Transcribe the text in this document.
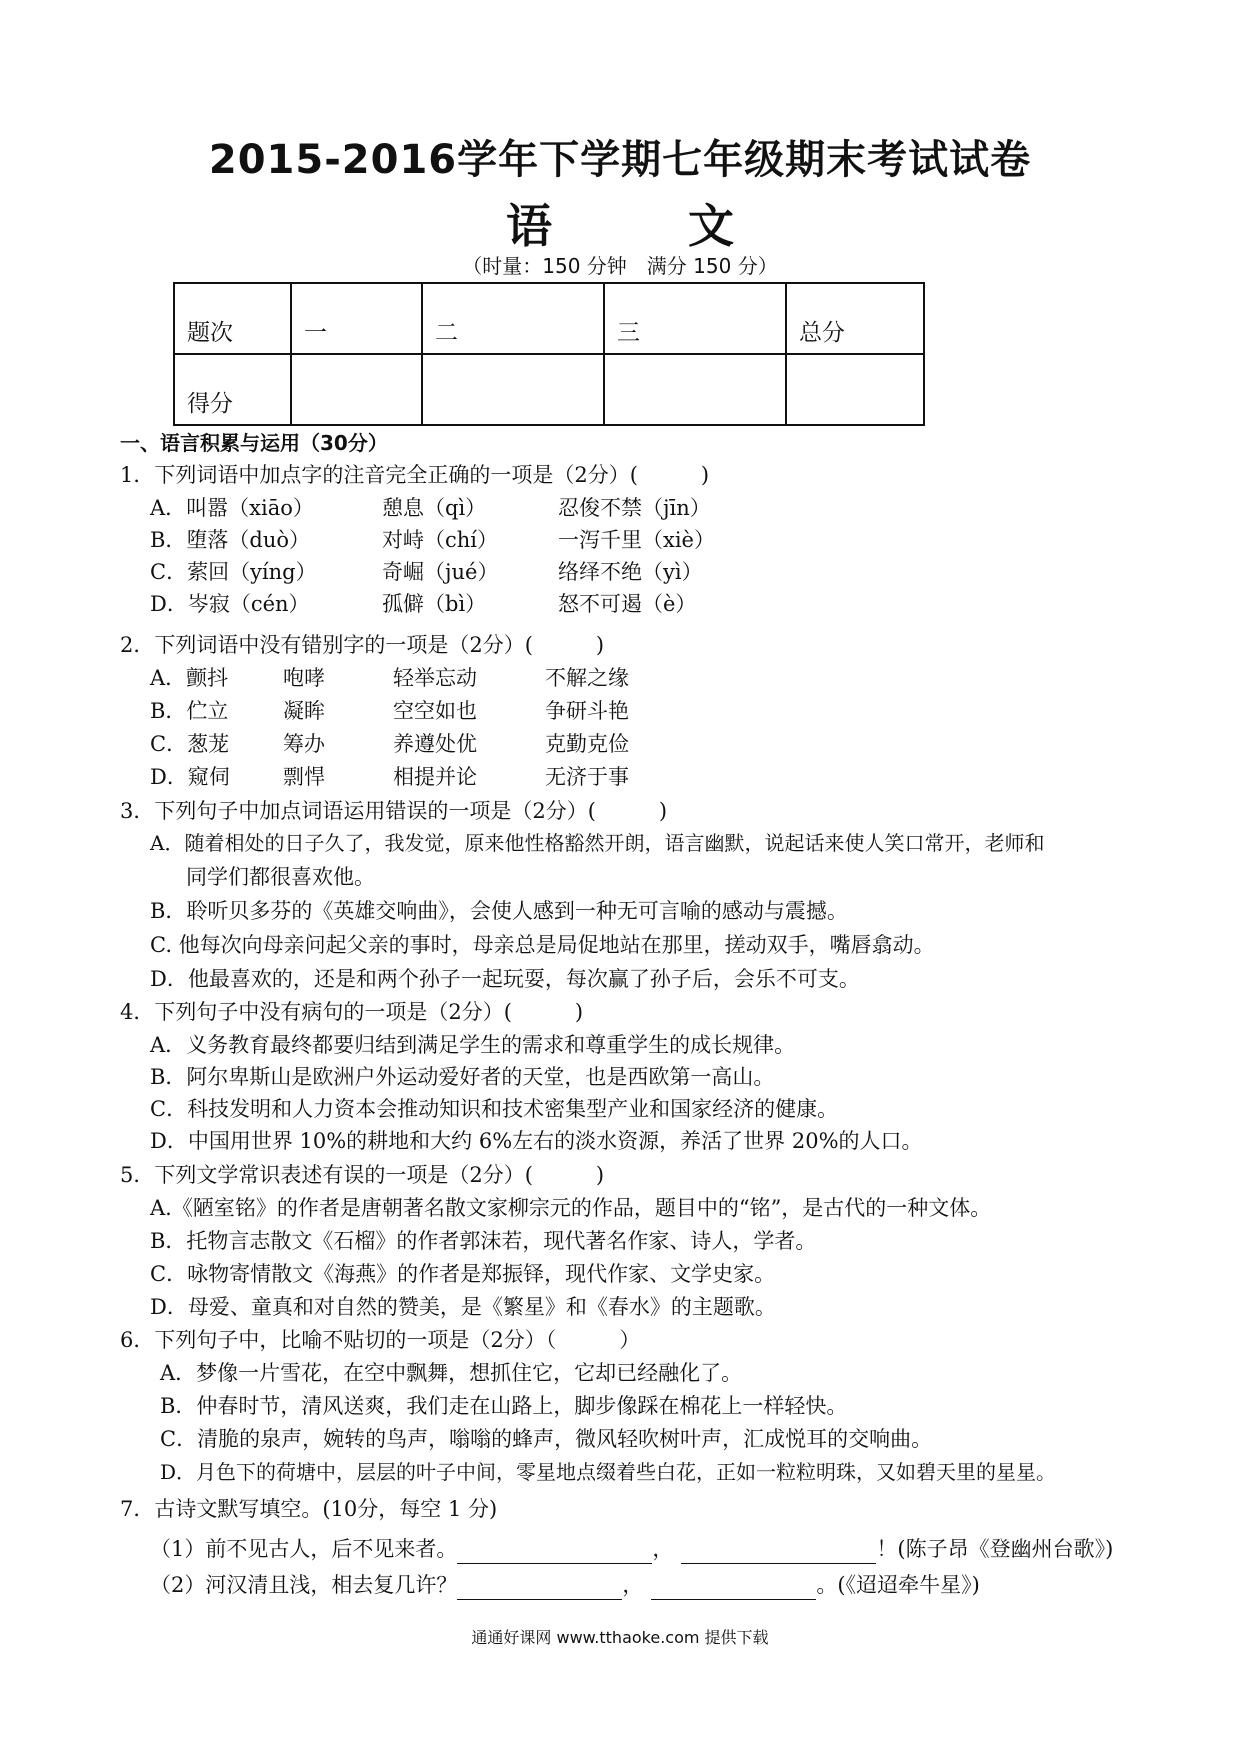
2015-2016学年下学期七年级期末考试试卷
语 文
（时量：150 分钟　满分 150 分）
题次	一	二	三	总分
得分				
一、语言积累与运用（30分）
1．下列词语中加点字的注音完全正确的一项是（2分）(　　　)
A．叫嚣（xiāo）	憩息（qì）	忍俊不禁（jīn）
B．堕落（duò）	对峙（chí）	一泻千里（xiè）
C．萦回（yíng）	奇崛（jué）	络绎不绝（yì）
D．岑寂（cén）	孤僻（bì）	怒不可遏（è）
2．下列词语中没有错别字的一项是（2分）(　　　)
A．颤抖	咆哮	轻举忘动	不解之缘
B．伫立	凝眸	空空如也	争研斗艳
C．葱茏	筹办	养遵处优	克勤克俭
D．窥伺	剽悍	相提并论	无济于事
3．下列句子中加点词语运用错误的一项是（2分）(　　　)
A．随着相处的日子久了，我发觉，原来他性格豁然开朗，语言幽默，说起话来使人笑口常开，老师和
同学们都很喜欢他。
B．聆听贝多芬的《英雄交响曲》，会使人感到一种无可言喻的感动与震撼。
C. 他每次向母亲问起父亲的事时，母亲总是局促地站在那里，搓动双手，嘴唇翕动。
D．他最喜欢的，还是和两个孙子一起玩耍，每次赢了孙子后，会乐不可支。
4．下列句子中没有病句的一项是（2分）(　　　)
A．义务教育最终都要归结到满足学生的需求和尊重学生的成长规律。
B．阿尔卑斯山是欧洲户外运动爱好者的天堂，也是西欧第一高山。
C．科技发明和人力资本会推动知识和技术密集型产业和国家经济的健康。
D．中国用世界 10%的耕地和大约 6%左右的淡水资源，养活了世界 20%的人口。
5．下列文学常识表述有误的一项是（2分）(　　　)
A.《陋室铭》的作者是唐朝著名散文家柳宗元的作品，题目中的“铭”，是古代的一种文体。
B．托物言志散文《石榴》的作者郭沫若，现代著名作家、诗人，学者。
C．咏物寄情散文《海燕》的作者是郑振铎，现代作家、文学史家。
D．母爱、童真和对自然的赞美，是《繁星》和《春水》的主题歌。
6．下列句子中，比喻不贴切的一项是（2分）（　　　）
A．梦像一片雪花，在空中飘舞，想抓住它，它却已经融化了。
B．仲春时节，清风送爽，我们走在山路上，脚步像踩在棉花上一样轻快。
C．清脆的泉声，婉转的鸟声，嗡嗡的蜂声，微风轻吹树叶声，汇成悦耳的交响曲。
D．月色下的荷塘中，层层的叶子中间，零星地点缀着些白花，正如一粒粒明珠，又如碧天里的星星。
7．古诗文默写填空。(10分，每空 1 分)
（1）前不见古人，后不见来者。	，	！(陈子昂《登幽州台歌》)
（2）河汉清且浅，相去复几许？	，	。(《迢迢牵牛星》)
通通好课网 www.tthaoke.com 提供下载
